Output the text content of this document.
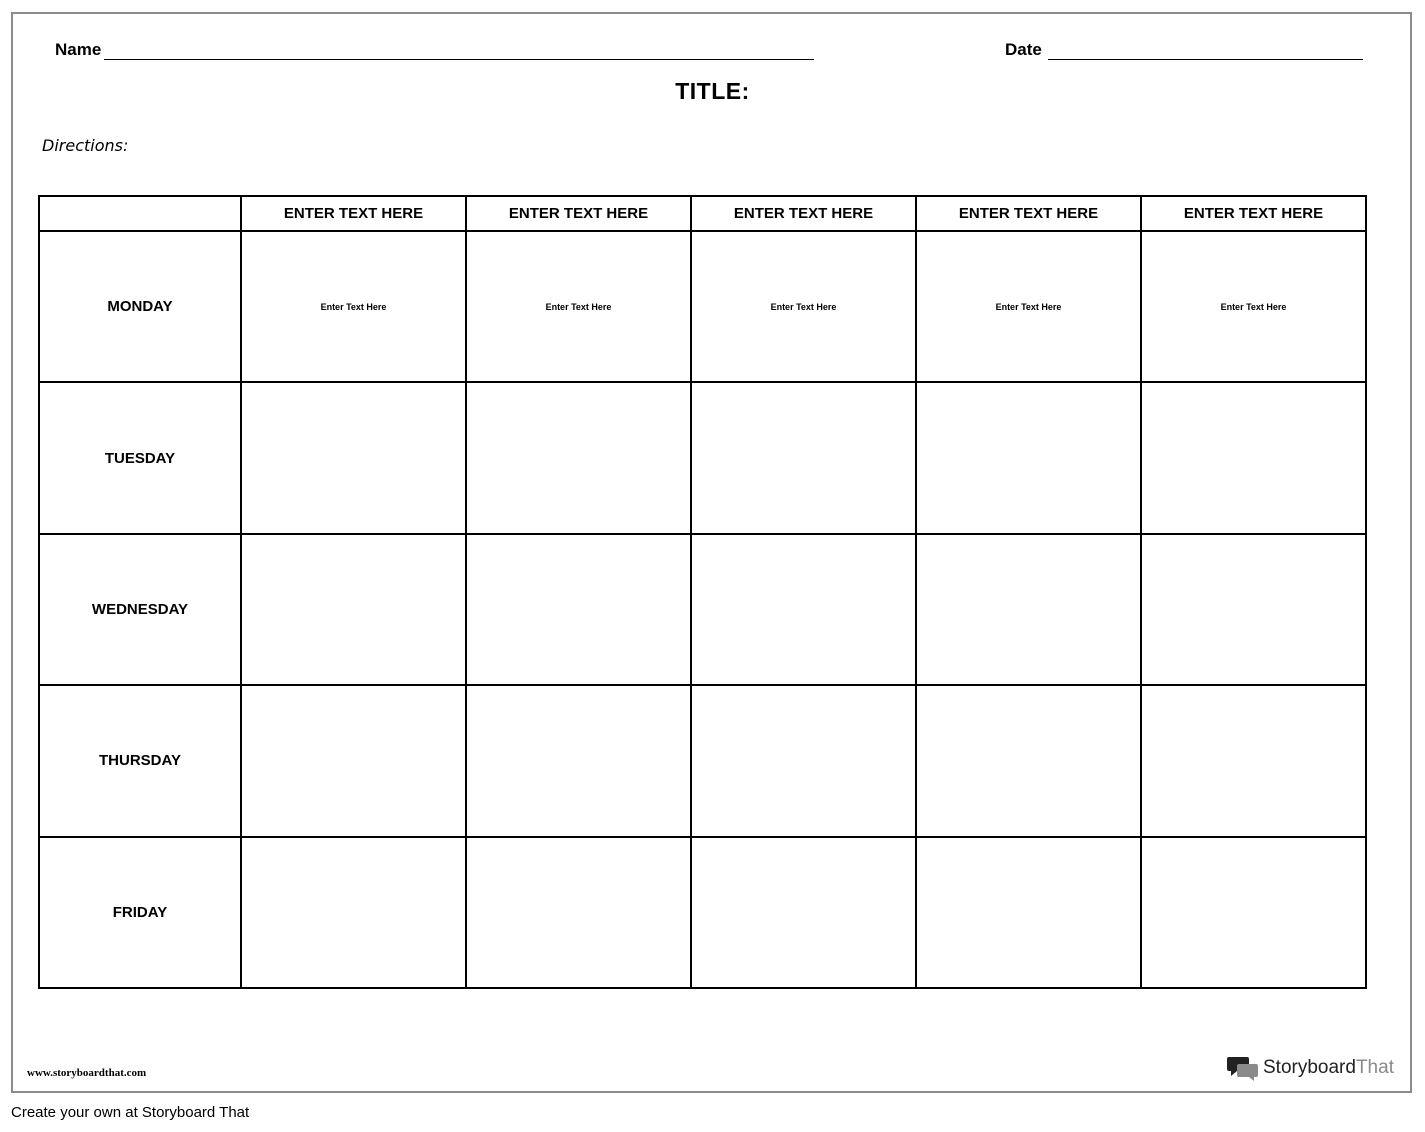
Name	Date
TITLE:
Directions:
	ENTER TEXT HERE	ENTER TEXT HERE	ENTER TEXT HERE	ENTER TEXT HERE	ENTER TEXT HERE
MONDAY	Enter Text Here	Enter Text Here	Enter Text Here	Enter Text Here	Enter Text Here
TUESDAY					
WEDNESDAY					
THURSDAY					
FRIDAY					
www.storyboardthat.com	StoryboardThat
Create your own at Storyboard That
